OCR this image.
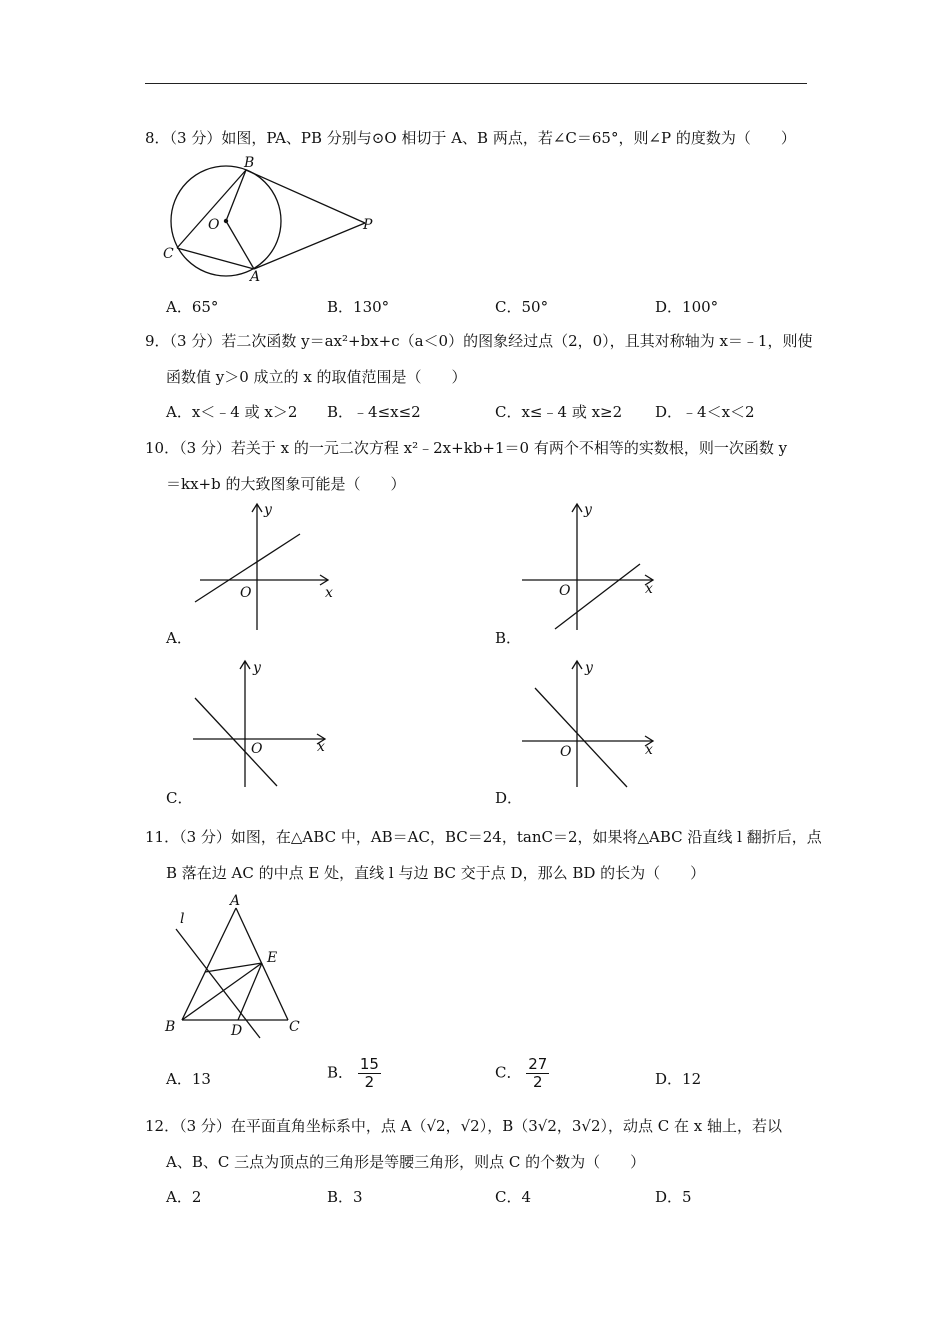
8．（3 分）如图，PA、PB 分别与⊙O 相切于 A、B 两点，若∠C＝65°，则∠P 的度数为（　　）
B
O	P
C
A
A．65°	B．130°	C．50°	D．100°
9．（3 分）若二次函数 y＝ax²+bx+c（a＜0）的图象经过点（2，0），且其对称轴为 x＝﹣1，则使
函数值 y＞0 成立的 x 的取值范围是（　　）
A．x＜﹣4 或 x＞2 B．﹣4≤x≤2	C．x≤﹣4 或 x≥2 D．﹣4＜x＜2
10．（3 分）若关于 x 的一元二次方程 x²﹣2x+kb+1＝0 有两个不相等的实数根，则一次函数 y
＝kx+b 的大致图象可能是（　　）
y
x
O
A．
y
x
O
B．
y
x
O
C．
y
x
O
D．
11．（3 分）如图，在△ABC 中，AB＝AC，BC＝24，tanC＝2，如果将△ABC 沿直线 l 翻折后，点
B 落在边 AC 的中点 E 处，直线 l 与边 BC 交于点 D，那么 BD 的长为（　　）
A
E
l
B	D	C
A．13	B． $\frac{15}{2}$	C． $\frac{27}{2}$	D．12
12．（3 分）在平面直角坐标系中，点 A（√2，√2），B（3√2，3√2），动点 C 在 x 轴上，若以
A、B、C 三点为顶点的三角形是等腰三角形，则点 C 的个数为（　　）
A．2	B．3	C．4	D．5
